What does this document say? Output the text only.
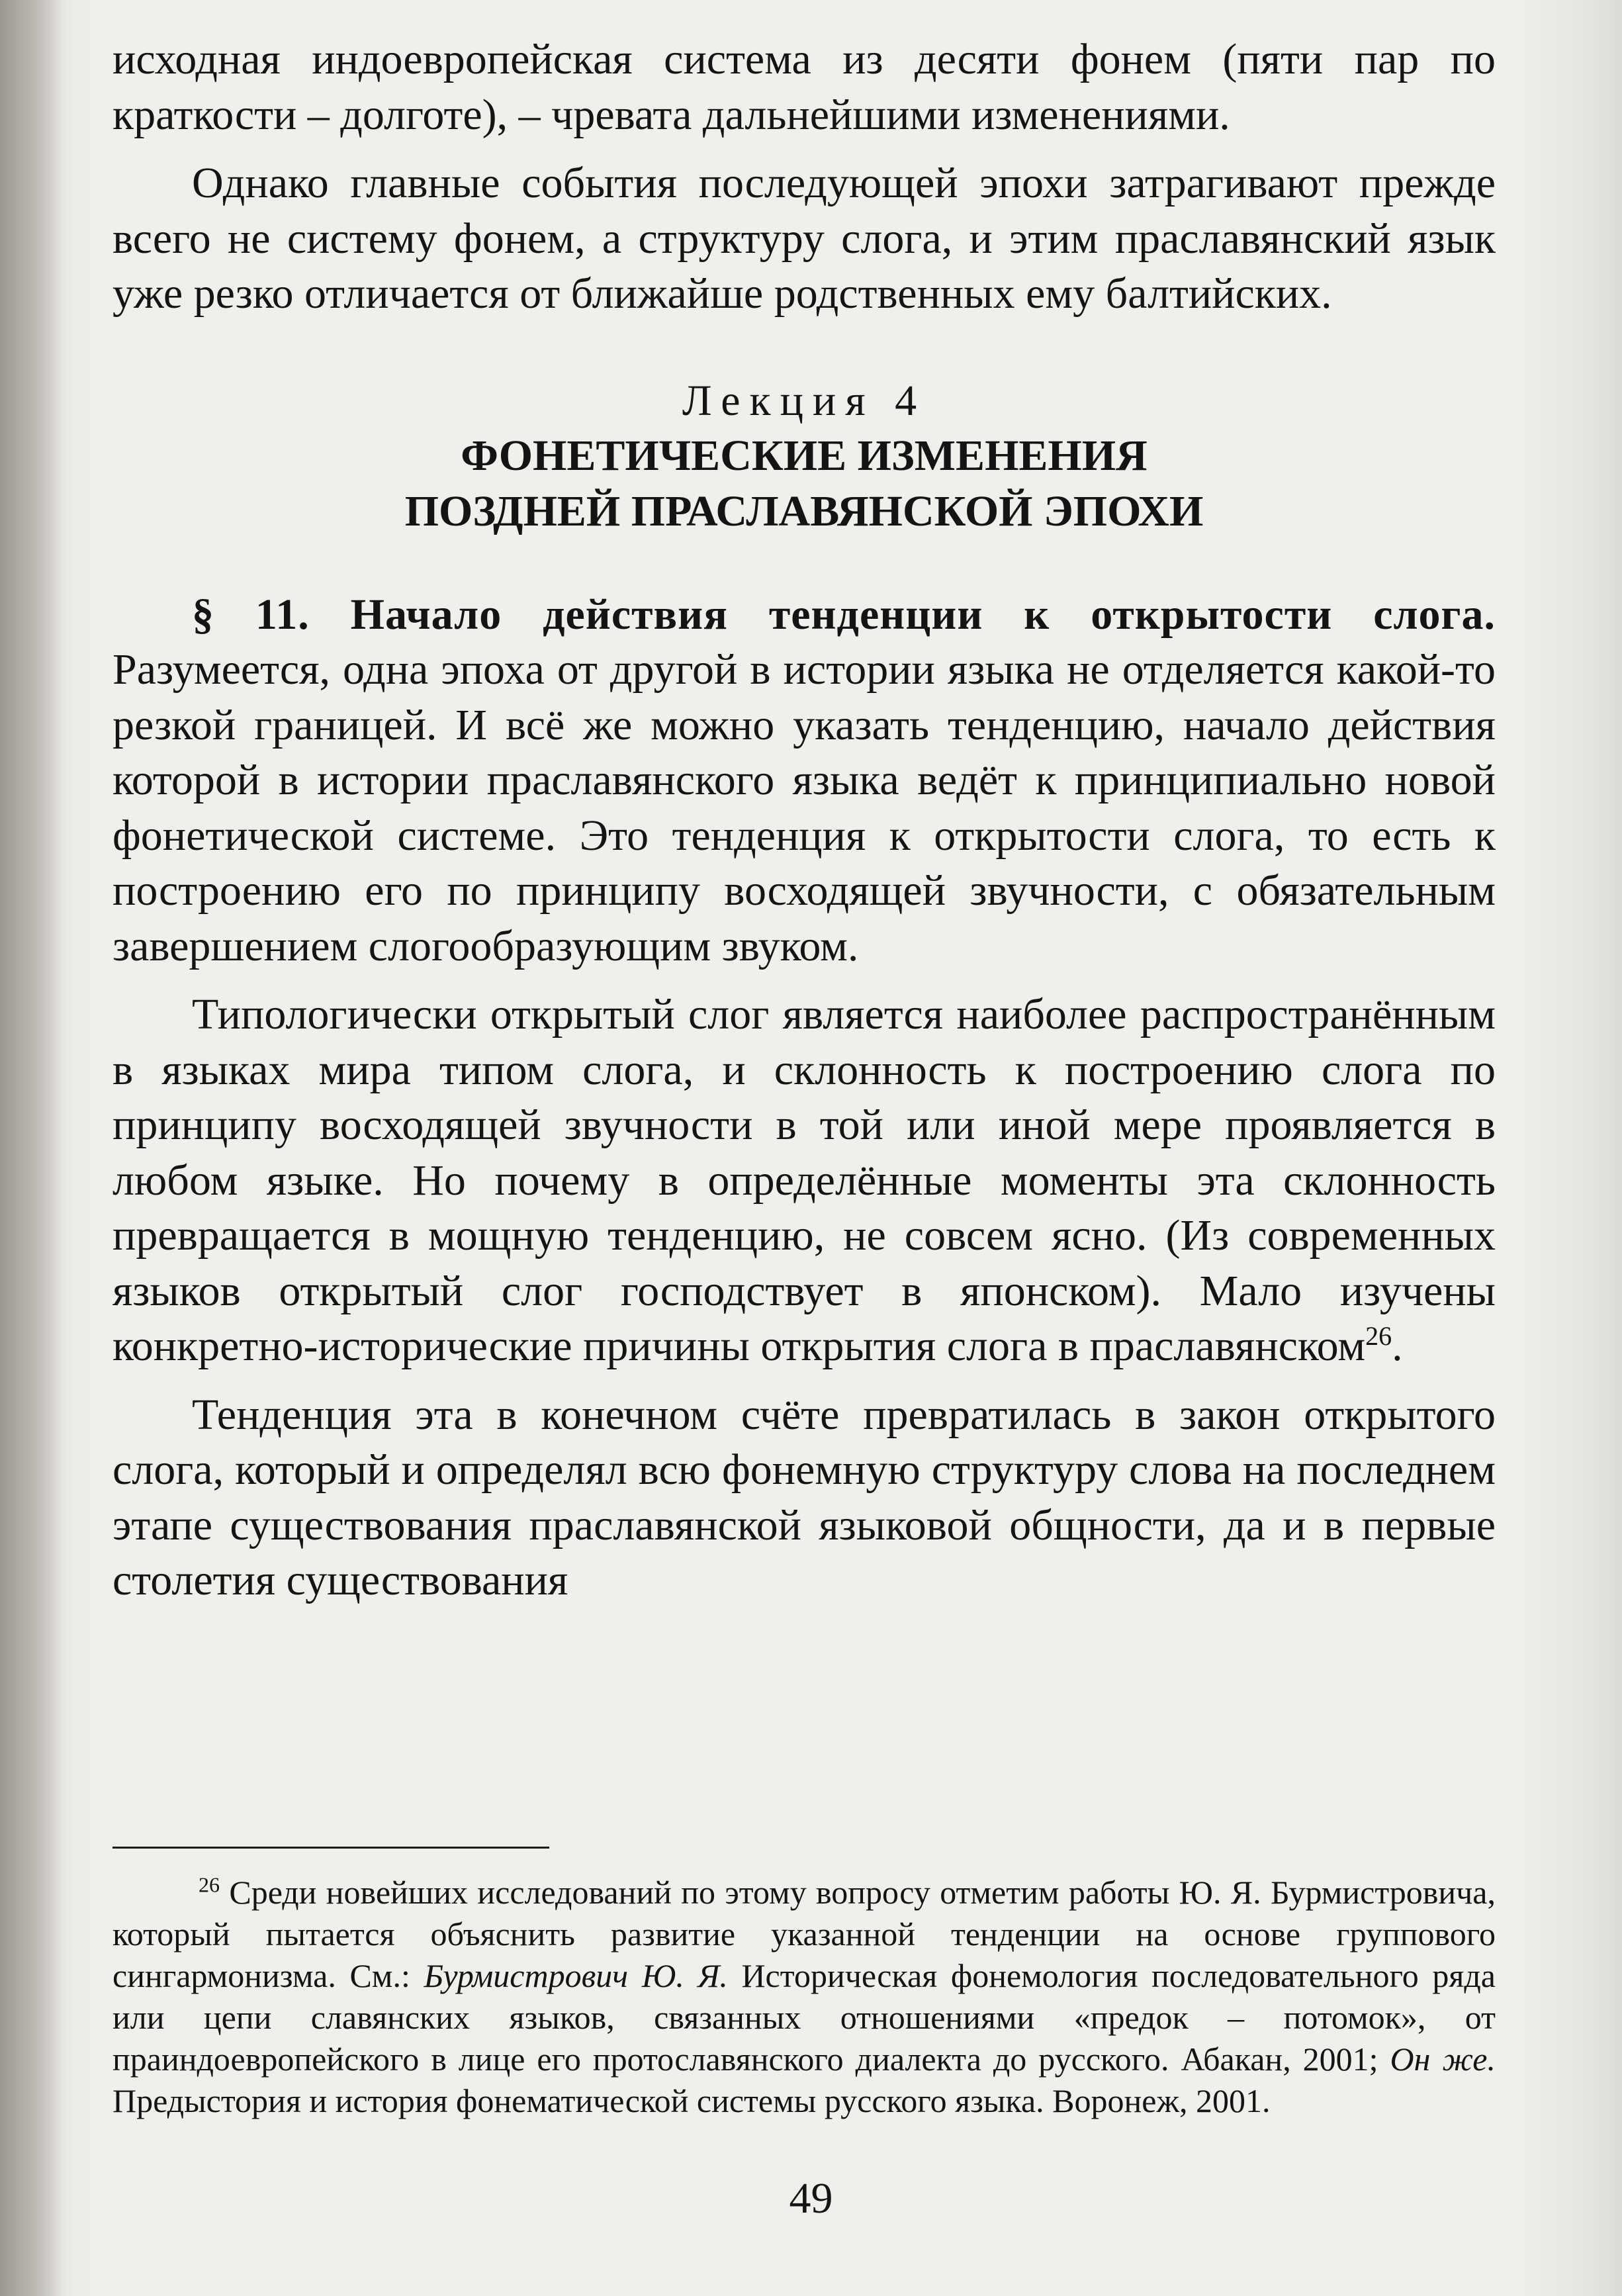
исходная индоевропейская система из десяти фонем (пяти пар по краткости – долготе), – чревата дальнейшими изменениями.

Однако главные события последующей эпохи затрагивают прежде всего не систему фонем, а структуру слога, и этим праславянский язык уже резко отличается от ближайше родственных ему балтийских.

Лекция 4

ФОНЕТИЧЕСКИЕ ИЗМЕНЕНИЯ
ПОЗДНЕЙ ПРАСЛАВЯНСКОЙ ЭПОХИ

§ 11. Начало действия тенденции к открытости слога. Разумеется, одна эпоха от другой в истории языка не отделяется какой-то резкой границей. И всё же можно указать тенденцию, начало действия которой в истории праславянского языка ведёт к принципиально новой фонетической системе. Это тенденция к открытости слога, то есть к построению его по принципу восходящей звучности, с обязательным завершением слогообразующим звуком.

Типологически открытый слог является наиболее распространённым в языках мира типом слога, и склонность к построению слога по принципу восходящей звучности в той или иной мере проявляется в любом языке. Но почему в определённые моменты эта склонность превращается в мощную тенденцию, не совсем ясно. (Из современных языков открытый слог господствует в японском). Мало изучены конкретно-исторические причины открытия слога в праславянском$^{26}$.

Тенденция эта в конечном счёте превратилась в закон открытого слога, который и определял всю фонемную структуру слова на последнем этапе существования праславянской языковой общности, да и в первые столетия существования

$^{26}$ Среди новейших исследований по этому вопросу отметим работы Ю. Я. Бурмистровича, который пытается объяснить развитие указанной тенденции на основе группового сингармонизма. См.: Бурмистрович Ю. Я. Историческая фонемология последовательного ряда или цепи славянских языков, связанных отношениями «предок – потомок», от праиндоевропейского в лице его протославянского диалекта до русского. Абакан, 2001; Он же. Предыстория и история фонематической системы русского языка. Воронеж, 2001.

49
